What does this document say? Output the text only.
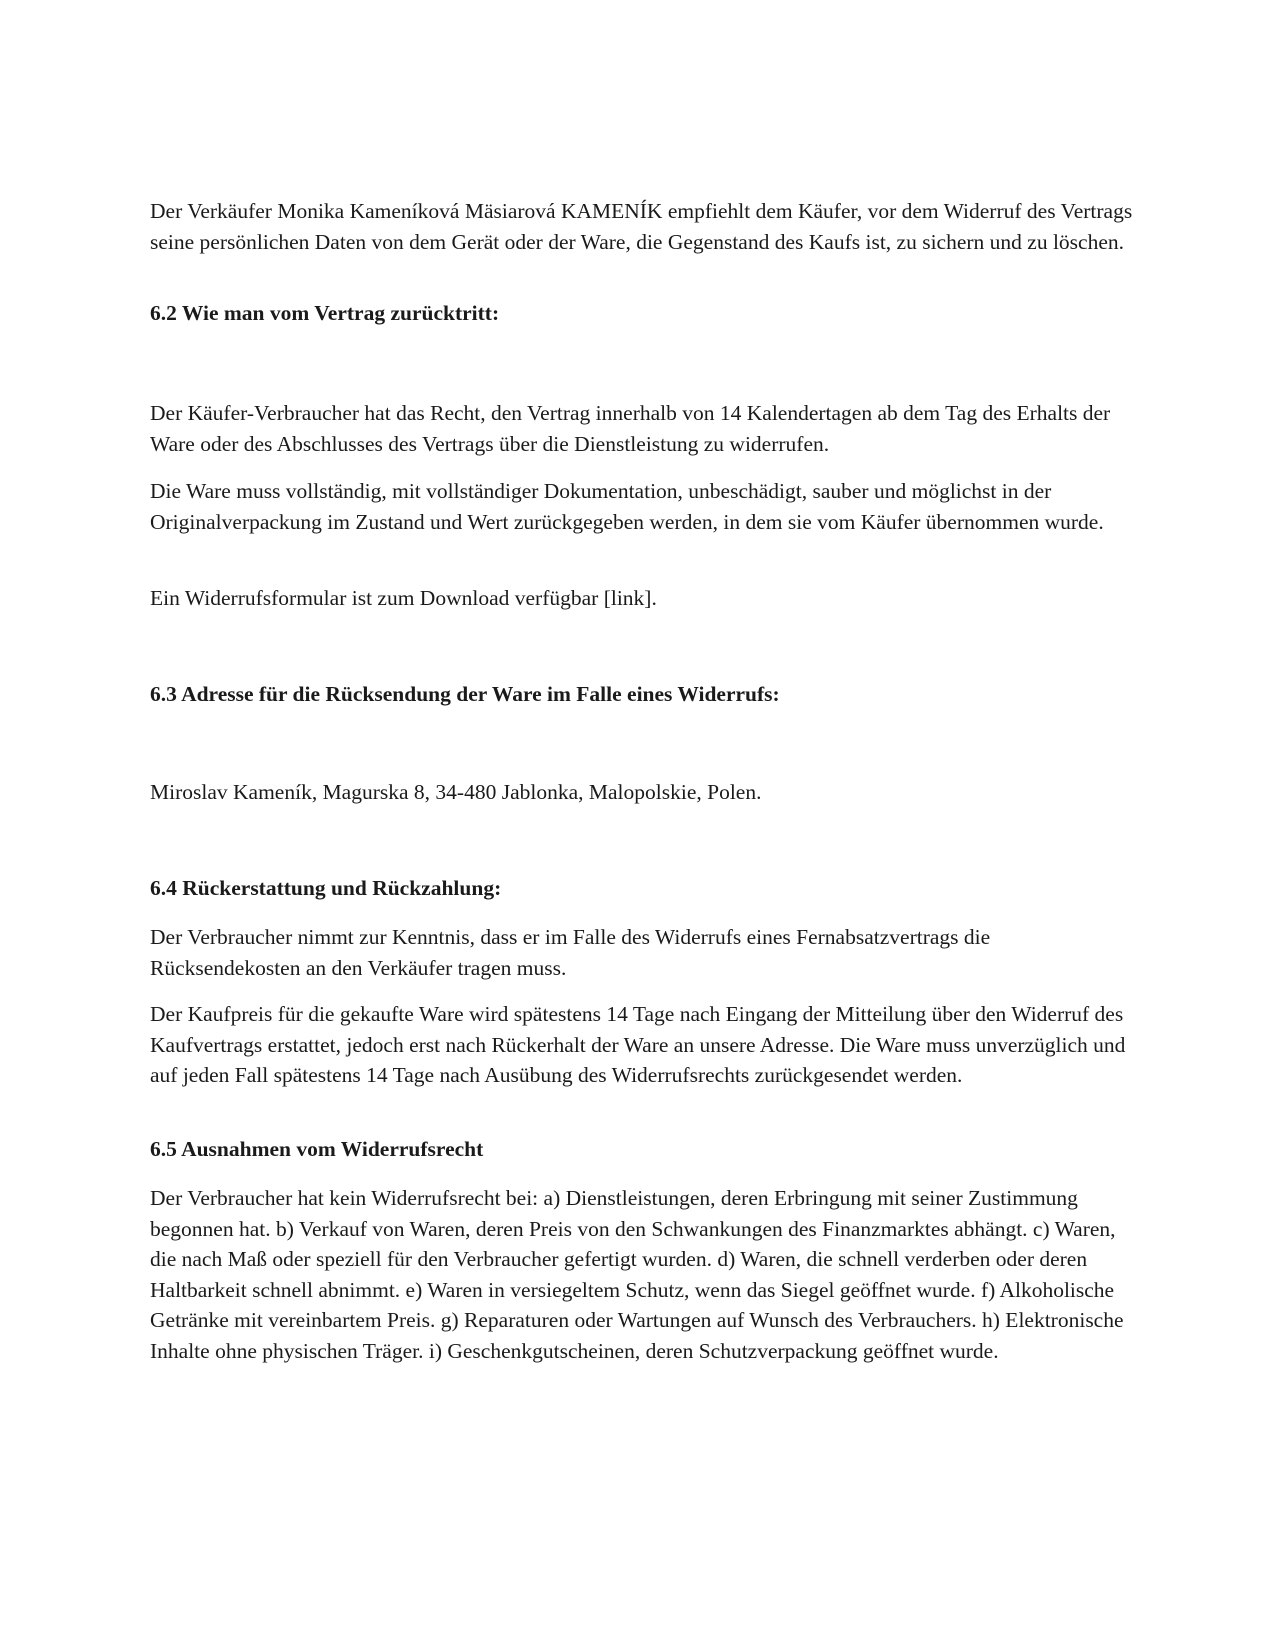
Der Verkäufer Monika Kameníková Mäsiarová KAMENÍK empfiehlt dem Käufer, vor dem Widerruf des Vertrags seine persönlichen Daten von dem Gerät oder der Ware, die Gegenstand des Kaufs ist, zu sichern und zu löschen.

6.2 Wie man vom Vertrag zurücktritt:

Der Käufer-Verbraucher hat das Recht, den Vertrag innerhalb von 14 Kalendertagen ab dem Tag des Erhalts der Ware oder des Abschlusses des Vertrags über die Dienstleistung zu widerrufen.

Die Ware muss vollständig, mit vollständiger Dokumentation, unbeschädigt, sauber und möglichst in der Originalverpackung im Zustand und Wert zurückgegeben werden, in dem sie vom Käufer übernommen wurde.

Ein Widerrufsformular ist zum Download verfügbar [link].

6.3 Adresse für die Rücksendung der Ware im Falle eines Widerrufs:

Miroslav Kameník, Magurska 8, 34-480 Jablonka, Malopolskie, Polen.

6.4 Rückerstattung und Rückzahlung:

Der Verbraucher nimmt zur Kenntnis, dass er im Falle des Widerrufs eines Fernabsatzvertrags die Rücksendekosten an den Verkäufer tragen muss.

Der Kaufpreis für die gekaufte Ware wird spätestens 14 Tage nach Eingang der Mitteilung über den Widerruf des Kaufvertrags erstattet, jedoch erst nach Rückerhalt der Ware an unsere Adresse. Die Ware muss unverzüglich und auf jeden Fall spätestens 14 Tage nach Ausübung des Widerrufsrechts zurückgesendet werden.

6.5 Ausnahmen vom Widerrufsrecht

Der Verbraucher hat kein Widerrufsrecht bei: a) Dienstleistungen, deren Erbringung mit seiner Zustimmung begonnen hat. b) Verkauf von Waren, deren Preis von den Schwankungen des Finanzmarktes abhängt. c) Waren, die nach Maß oder speziell für den Verbraucher gefertigt wurden. d) Waren, die schnell verderben oder deren Haltbarkeit schnell abnimmt. e) Waren in versiegeltem Schutz, wenn das Siegel geöffnet wurde. f) Alkoholische Getränke mit vereinbartem Preis. g) Reparaturen oder Wartungen auf Wunsch des Verbrauchers. h) Elektronische Inhalte ohne physischen Träger. i) Geschenkgutscheinen, deren Schutzverpackung geöffnet wurde.
